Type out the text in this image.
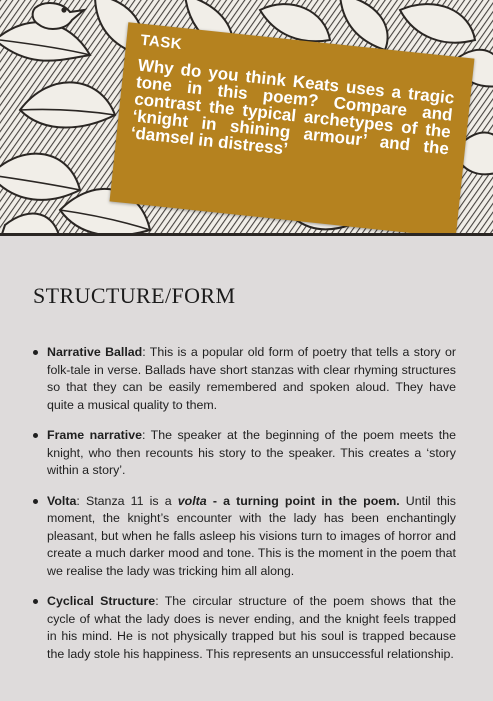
TASK
Why do you think Keats uses a tragic tone in this poem? Compare and contrast the typical archetypes of the ‘knight in shining armour’ and the ‘damsel in distress’
STRUCTURE/FORM
Narrative Ballad: This is a popular old form of poetry that tells a story or folk-tale in verse. Ballads have short stanzas with clear rhyming structures so that they can be easily remembered and spoken aloud. They have quite a musical quality to them.
Frame narrative: The speaker at the beginning of the poem meets the knight, who then recounts his story to the speaker. This creates a ‘story within a story’.
Volta: Stanza 11 is a volta - a turning point in the poem. Until this moment, the knight’s encounter with the lady has been enchantingly pleasant, but when he falls asleep his visions turn to images of horror and create a much darker mood and tone. This is the moment in the poem that we realise the lady was tricking him all along.
Cyclical Structure: The circular structure of the poem shows that the cycle of what the lady does is never ending, and the knight feels trapped in his mind. He is not physically trapped but his soul is trapped because the lady stole his happiness. This represents an unsuccessful relationship.
